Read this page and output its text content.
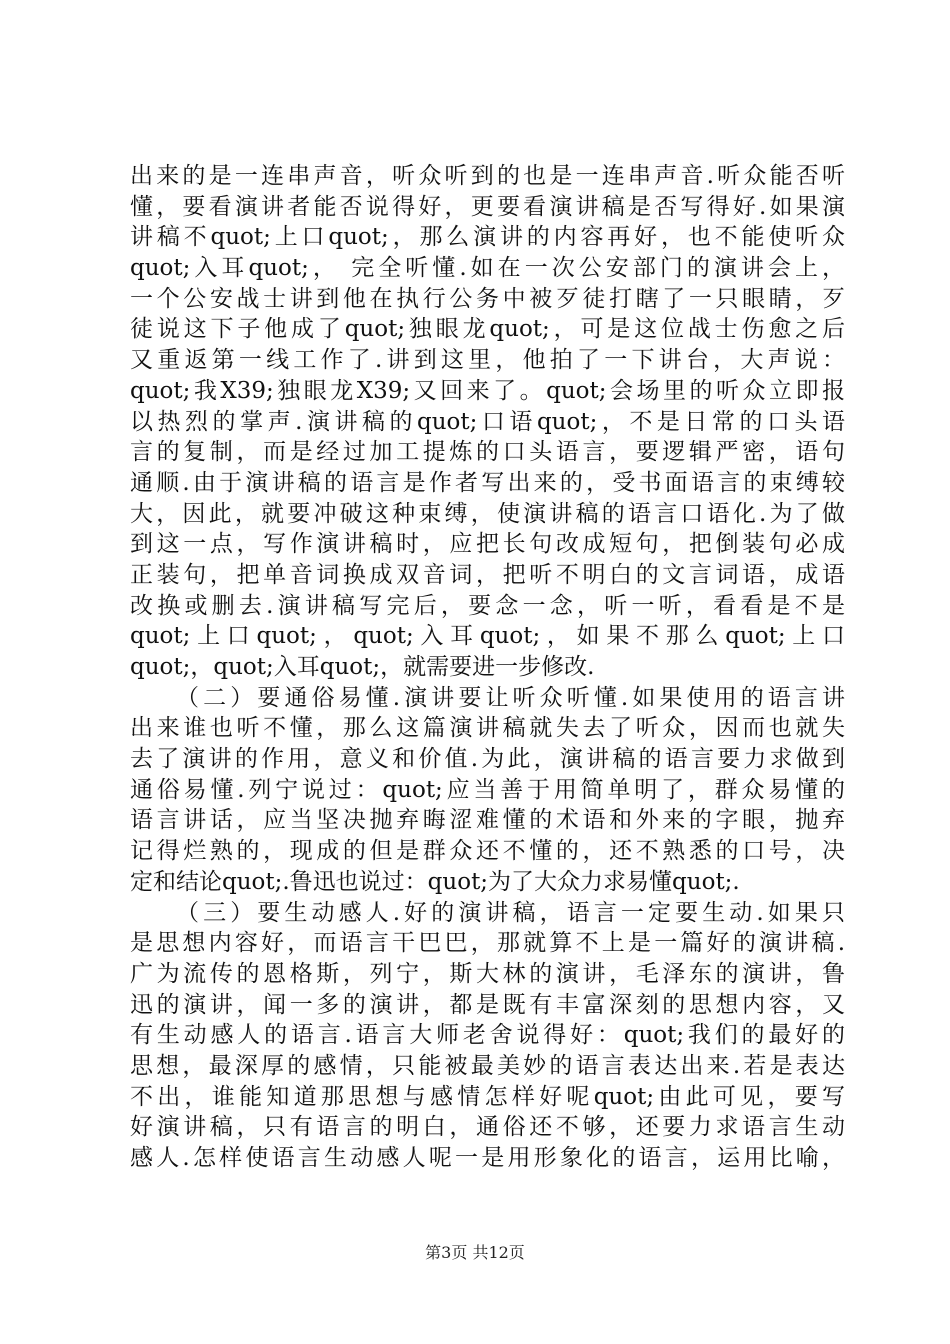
出来的是一连串声音，听众听到的也是一连串声音.听众能否听
懂，要看演讲者能否说得好，更要看演讲稿是否写得好.如果演
讲稿不quot;上口quot;，那么演讲的内容再好，也不能使听众
quot;入耳quot;， 完全听懂.如在一次公安部门的演讲会上，
一个公安战士讲到他在执行公务中被歹徒打瞎了一只眼睛，歹
徒说这下子他成了quot;独眼龙quot;，可是这位战士伤愈之后
又重返第一线工作了.讲到这里，他拍了一下讲台，大声说：
quot;我X39;独眼龙X39;又回来了。quot;会场里的听众立即报
以热烈的掌声.演讲稿的quot;口语quot;，不是日常的口头语
言的复制，而是经过加工提炼的口头语言，要逻辑严密，语句
通顺.由于演讲稿的语言是作者写出来的，受书面语言的束缚较
大，因此，就要冲破这种束缚，使演讲稿的语言口语化.为了做
到这一点，写作演讲稿时，应把长句改成短句，把倒装句必成
正装句，把单音词换成双音词，把听不明白的文言词语，成语
改换或删去.演讲稿写完后，要念一念，听一听，看看是不是
quot;上口quot;，quot;入耳quot;，如果不那么quot;上口
quot;，quot;入耳quot;，就需要进一步修改.
（二）要通俗易懂.演讲要让听众听懂.如果使用的语言讲
出来谁也听不懂，那么这篇演讲稿就失去了听众，因而也就失
去了演讲的作用，意义和价值.为此，演讲稿的语言要力求做到
通俗易懂.列宁说过：quot;应当善于用简单明了，群众易懂的
语言讲话，应当坚决抛弃晦涩难懂的术语和外来的字眼，抛弃
记得烂熟的，现成的但是群众还不懂的，还不熟悉的口号，决
定和结论quot;.鲁迅也说过：quot;为了大众力求易懂quot;.
（三）要生动感人.好的演讲稿，语言一定要生动.如果只
是思想内容好，而语言干巴巴，那就算不上是一篇好的演讲稿.
广为流传的恩格斯，列宁，斯大林的演讲，毛泽东的演讲，鲁
迅的演讲，闻一多的演讲，都是既有丰富深刻的思想内容，又
有生动感人的语言.语言大师老舍说得好：quot;我们的最好的
思想，最深厚的感情，只能被最美妙的语言表达出来.若是表达
不出，谁能知道那思想与感情怎样好呢quot;由此可见，要写
好演讲稿，只有语言的明白，通俗还不够，还要力求语言生动
感人.怎样使语言生动感人呢一是用形象化的语言，运用比喻，
第3页 共12页
